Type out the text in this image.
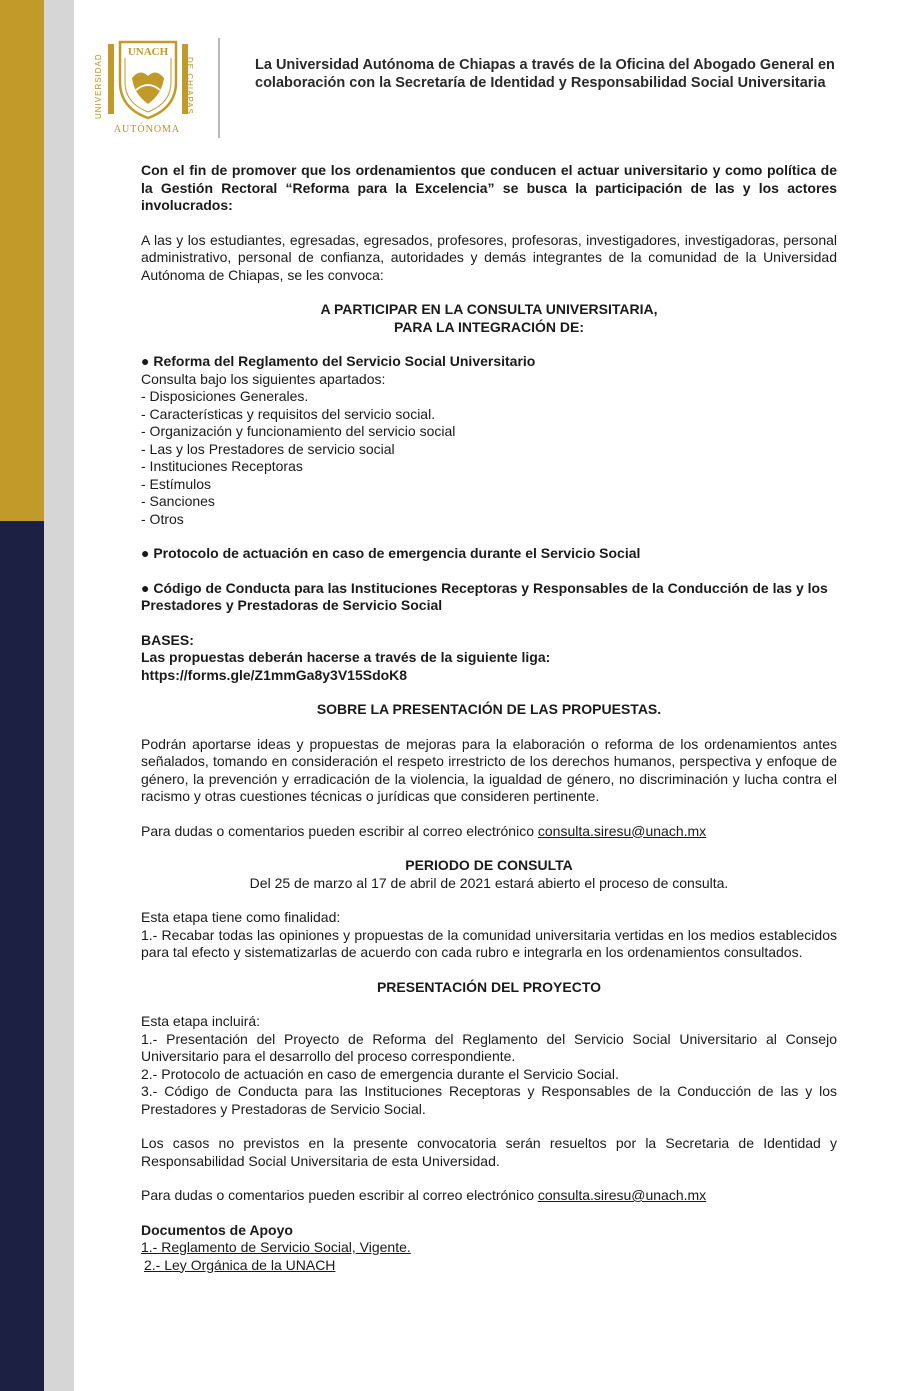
UNIVERSIDAD
UNACH
DE CHIAPAS
AUTÓNOMA
La Universidad Autónoma de Chiapas a través de la Oficina del Abogado General en colaboración con la Secretaría de Identidad y Responsabilidad Social Universitaria

Con el fin de promover que los ordenamientos que conducen el actuar universitario y como política de la Gestión Rectoral “Reforma para la Excelencia” se busca la participación de las y los actores involucrados:

A las y los estudiantes, egresadas, egresados, profesores, profesoras, investigadores, investigadoras, personal administrativo, personal de confianza, autoridades y demás integrantes de la comunidad de la Universidad Autónoma de Chiapas, se les convoca:

A PARTICIPAR EN LA CONSULTA UNIVERSITARIA,

PARA LA INTEGRACIÓN DE:

● Reforma del Reglamento del Servicio Social Universitario

Consulta bajo los siguientes apartados:

- Disposiciones Generales.

- Características y requisitos del servicio social.

- Organización y funcionamiento del servicio social

- Las y los Prestadores de servicio social

- Instituciones Receptoras

- Estímulos

- Sanciones

- Otros

● Protocolo de actuación en caso de emergencia durante el Servicio Social

● Código de Conducta para las Instituciones Receptoras y Responsables de la Conducción de las y los Prestadores y Prestadoras de Servicio Social

BASES:

Las propuestas deberán hacerse a través de la siguiente liga:

https://forms.gle/Z1mmGa8y3V15SdoK8

SOBRE LA PRESENTACIÓN DE LAS PROPUESTAS.

Podrán aportarse ideas y propuestas de mejoras para la elaboración o reforma de los ordenamientos antes señalados, tomando en consideración el respeto irrestricto de los derechos humanos, perspectiva y enfoque de género, la prevención y erradicación de la violencia, la igualdad de género, no discriminación y lucha contra el racismo y otras cuestiones técnicas o jurídicas que consideren pertinente.

Para dudas o comentarios pueden escribir al correo electrónico consulta.siresu@unach.mx

PERIODO DE CONSULTA

Del 25 de marzo al 17 de abril de 2021 estará abierto el proceso de consulta.

Esta etapa tiene como finalidad:

1.- Recabar todas las opiniones y propuestas de la comunidad universitaria vertidas en los medios establecidos para tal efecto y sistematizarlas de acuerdo con cada rubro e integrarla en los ordenamientos consultados.

PRESENTACIÓN DEL PROYECTO

Esta etapa incluirá:

1.- Presentación del Proyecto de Reforma del Reglamento del Servicio Social Universitario al Consejo Universitario para el desarrollo del proceso correspondiente.

2.- Protocolo de actuación en caso de emergencia durante el Servicio Social.

3.- Código de Conducta para las Instituciones Receptoras y Responsables de la Conducción de las y los Prestadores y Prestadoras de Servicio Social.

Los casos no previstos en la presente convocatoria serán resueltos por la Secretaria de Identidad y Responsabilidad Social Universitaria de esta Universidad.

Para dudas o comentarios pueden escribir al correo electrónico consulta.siresu@unach.mx

Documentos de Apoyo

1.- Reglamento de Servicio Social, Vigente.

2.- Ley Orgánica de la UNACH
